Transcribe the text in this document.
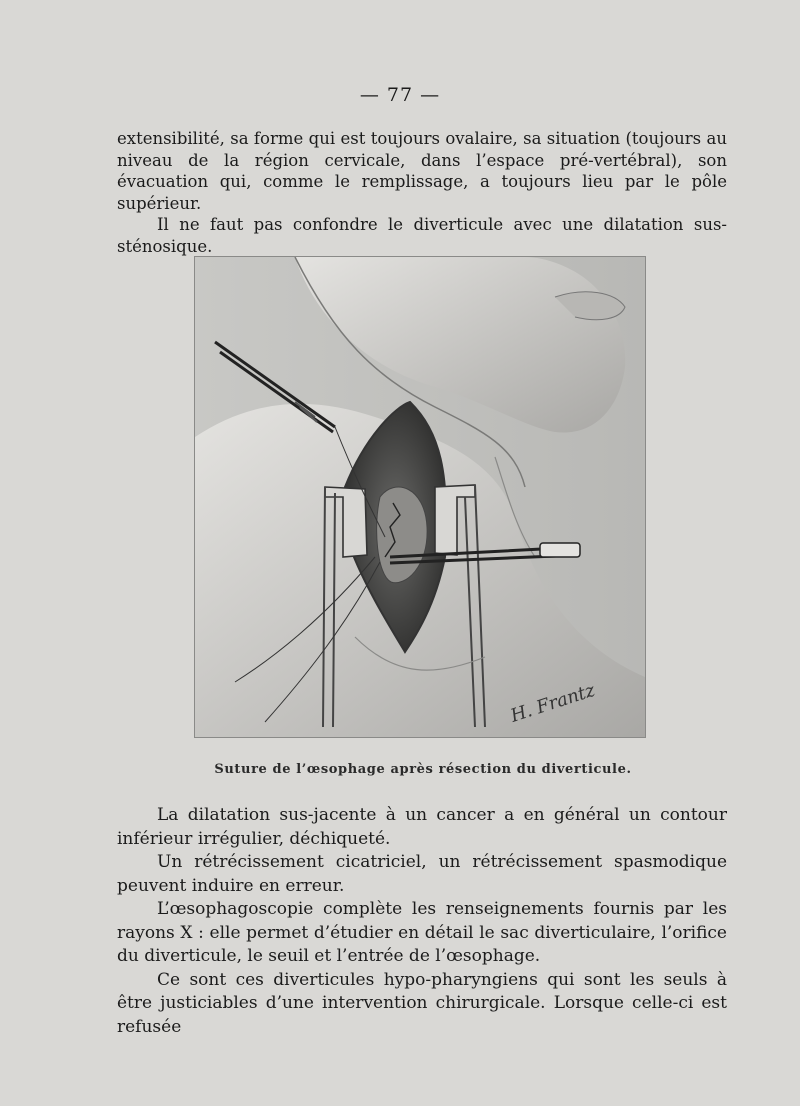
— 77 —

extensibilité, sa forme qui est toujours ovalaire, sa situation (toujours au niveau de la région cervicale, dans l’espace pré-vertébral), son évacuation qui, comme le remplissage, a toujours lieu par le pôle supérieur.

Il ne faut pas confondre le diverticule avec une dilatation sus-sténosique.

H. Frantz
Suture de l’œsophage après résection du diverticule.

La dilatation sus-jacente à un cancer a en général un contour inférieur irrégulier, déchiqueté.

Un rétrécissement cicatriciel, un rétrécissement spasmodique peuvent induire en erreur.

L’œsophagoscopie complète les renseignements fournis par les rayons X : elle permet d’étudier en détail le sac diverticulaire, l’orifice du diverticule, le seuil et l’entrée de l’œsophage.

Ce sont ces diverticules hypo-pharyngiens qui sont les seuls à être justiciables d’une intervention chirurgicale. Lorsque celle-ci est refusée
